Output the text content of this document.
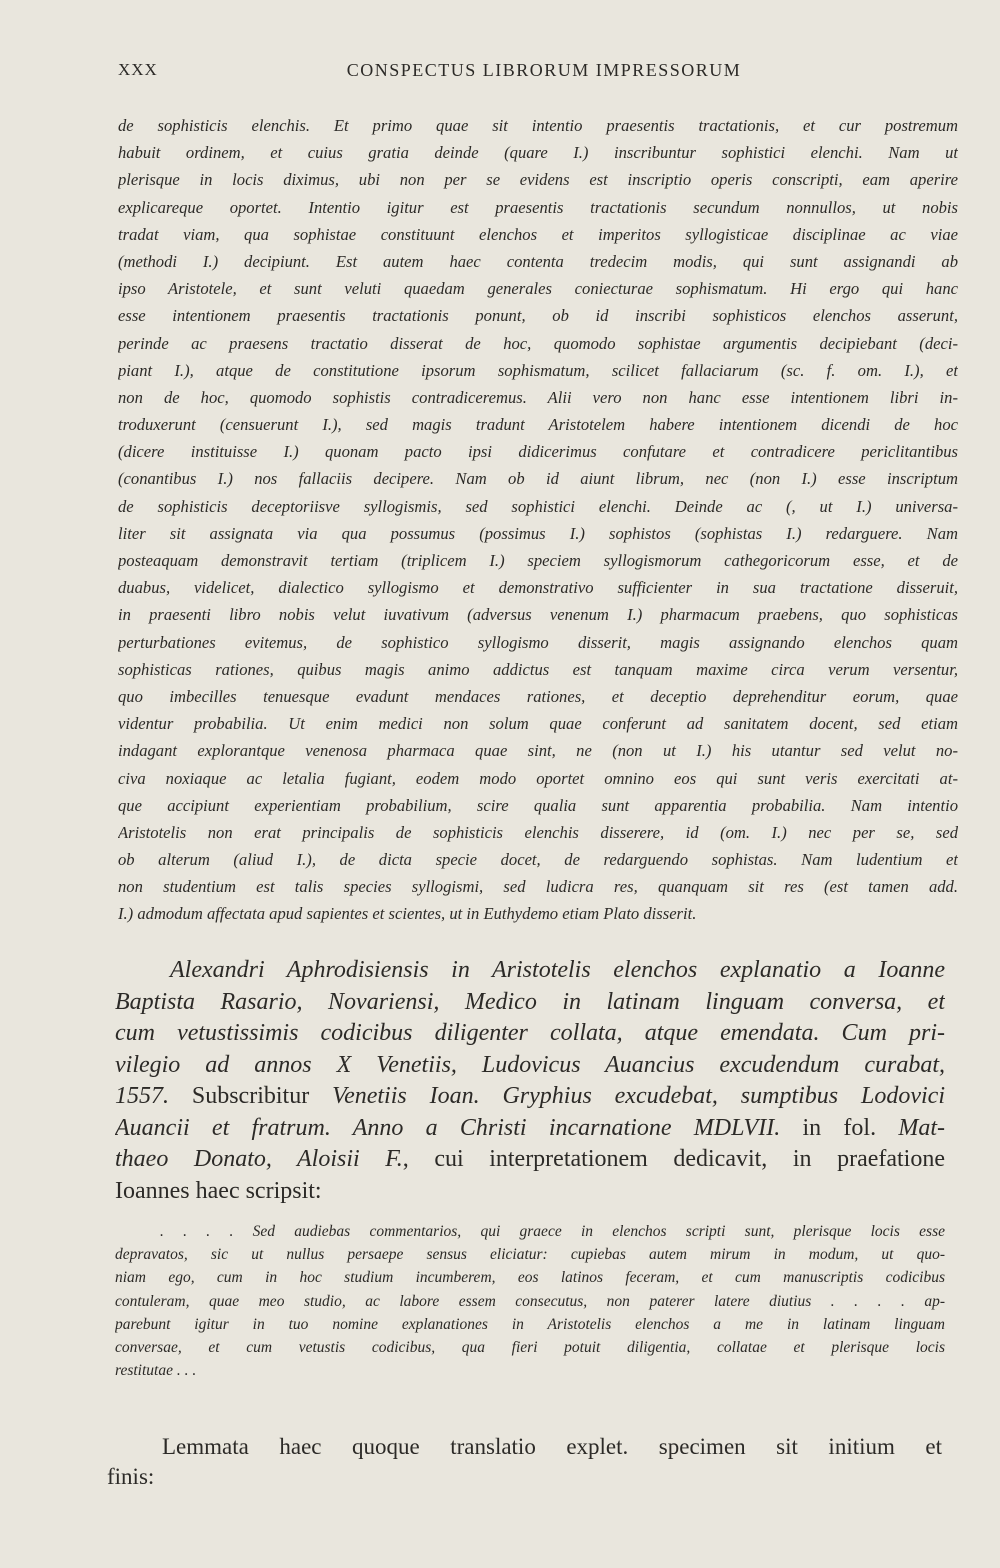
XXX	CONSPECTUS LIBRORUM IMPRESSORUM
de sophisticis elenchis. Et primo quae sit intentio praesentis tractationis, et cur postremum
habuit ordinem, et cuius gratia deinde (quare I.) inscribuntur sophistici elenchi. Nam ut
plerisque in locis diximus, ubi non per se evidens est inscriptio operis conscripti, eam aperire
explicareque oportet. Intentio igitur est praesentis tractationis secundum nonnullos, ut nobis
tradat viam, qua sophistae constituunt elenchos et imperitos syllogisticae disciplinae ac viae
(methodi I.) decipiunt. Est autem haec contenta tredecim modis, qui sunt assignandi ab
ipso Aristotele, et sunt veluti quaedam generales coniecturae sophismatum. Hi ergo qui hanc
esse intentionem praesentis tractationis ponunt, ob id inscribi sophisticos elenchos asserunt,
perinde ac praesens tractatio disserat de hoc, quomodo sophistae argumentis decipiebant (deci-
piant I.), atque de constitutione ipsorum sophismatum, scilicet fallaciarum (sc. f. om. I.), et
non de hoc, quomodo sophistis contradiceremus. Alii vero non hanc esse intentionem libri in-
troduxerunt (censuerunt I.), sed magis tradunt Aristotelem habere intentionem dicendi de hoc
(dicere instituisse I.) quonam pacto ipsi didicerimus confutare et contradicere periclitantibus
(conantibus I.) nos fallaciis decipere. Nam ob id aiunt librum, nec (non I.) esse inscriptum
de sophisticis deceptoriisve syllogismis, sed sophistici elenchi. Deinde ac (, ut I.) universa-
liter sit assignata via qua possumus (possimus I.) sophistos (sophistas I.) redarguere. Nam
posteaquam demonstravit tertiam (triplicem I.) speciem syllogismorum cathegoricorum esse, et de
duabus, videlicet, dialectico syllogismo et demonstrativo sufficienter in sua tractatione disseruit,
in praesenti libro nobis velut iuvativum (adversus venenum I.) pharmacum praebens, quo sophisticas
perturbationes evitemus, de sophistico syllogismo disserit, magis assignando elenchos quam
sophisticas rationes, quibus magis animo addictus est tanquam maxime circa verum versentur,
quo imbecilles tenuesque evadunt mendaces rationes, et deceptio deprehenditur eorum, quae
videntur probabilia. Ut enim medici non solum quae conferunt ad sanitatem docent, sed etiam
indagant explorantque venenosa pharmaca quae sint, ne (non ut I.) his utantur sed velut no-
civa noxiaque ac letalia fugiant, eodem modo oportet omnino eos qui sunt veris exercitati at-
que accipiunt experientiam probabilium, scire qualia sunt apparentia probabilia. Nam intentio
Aristotelis non erat principalis de sophisticis elenchis disserere, id (om. I.) nec per se, sed
ob alterum (aliud I.), de dicta specie docet, de redarguendo sophistas. Nam ludentium et
non studentium est talis species syllogismi, sed ludicra res, quanquam sit res (est tamen add.
I.) admodum affectata apud sapientes et scientes, ut in Euthydemo etiam Plato disserit.
Alexandri Aphrodisiensis in Aristotelis elenchos explanatio a Ioanne
Baptista Rasario, Novariensi, Medico in latinam linguam conversa, et
cum vetustissimis codicibus diligenter collata, atque emendata. Cum pri-
vilegio ad annos X Venetiis, Ludovicus Auancius excudendum curabat,
1557. Subscribitur Venetiis Ioan. Gryphius excudebat, sumptibus Lodovici
Auancii et fratrum. Anno a Christi incarnatione MDLVII. in fol. Mat-
thaeo Donato, Aloisii F., cui interpretationem dedicavit, in praefatione
Ioannes haec scripsit:
. . . . Sed audiebas commentarios, qui graece in elenchos scripti sunt, plerisque locis esse
depravatos, sic ut nullus persaepe sensus eliciatur: cupiebas autem mirum in modum, ut quo-
niam ego, cum in hoc studium incumberem, eos latinos feceram, et cum manuscriptis codicibus
contuleram, quae meo studio, ac labore essem consecutus, non paterer latere diutius . . . . ap-
parebunt igitur in tuo nomine explanationes in Aristotelis elenchos a me in latinam linguam
conversae, et cum vetustis codicibus, qua fieri potuit diligentia, collatae et plerisque locis
restitutae . . .
Lemmata haec quoque translatio explet. specimen sit initium et
finis:
